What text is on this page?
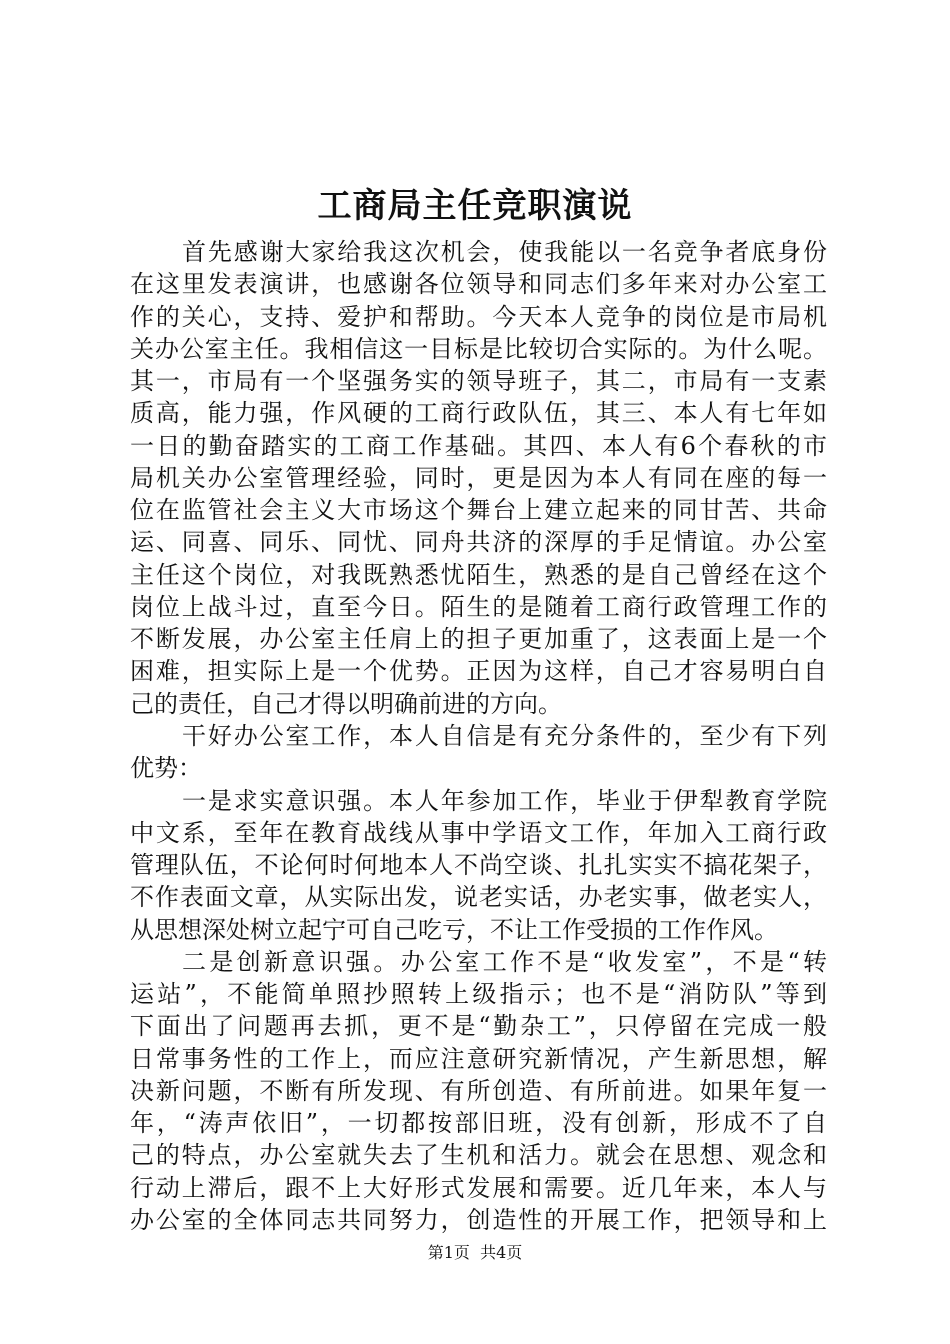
工商局主任竞职演说
首先感谢大家给我这次机会，使我能以一名竞争者底身份
在这里发表演讲，也感谢各位领导和同志们多年来对办公室工
作的关心，支持、爱护和帮助。今天本人竞争的岗位是市局机
关办公室主任。我相信这一目标是比较切合实际的。为什么呢。
其一，市局有一个坚强务实的领导班子，其二，市局有一支素
质高，能力强，作风硬的工商行政队伍，其三、本人有七年如
一日的勤奋踏实的工商工作基础。其四、本人有6个春秋的市
局机关办公室管理经验，同时，更是因为本人有同在座的每一
位在监管社会主义大市场这个舞台上建立起来的同甘苦、共命
运、同喜、同乐、同忧、同舟共济的深厚的手足情谊。办公室
主任这个岗位，对我既熟悉忧陌生，熟悉的是自己曾经在这个
岗位上战斗过，直至今日。陌生的是随着工商行政管理工作的
不断发展，办公室主任肩上的担子更加重了，这表面上是一个
困难，担实际上是一个优势。正因为这样，自己才容易明白自
己的责任，自己才得以明确前进的方向。
干好办公室工作，本人自信是有充分条件的，至少有下列
优势：
一是求实意识强。本人年参加工作，毕业于伊犁教育学院
中文系，至年在教育战线从事中学语文工作，年加入工商行政
管理队伍，不论何时何地本人不尚空谈、扎扎实实不搞花架子，
不作表面文章，从实际出发，说老实话，办老实事，做老实人，
从思想深处树立起宁可自己吃亏，不让工作受损的工作作风。
二是创新意识强。办公室工作不是“收发室”，不是“转
运站”，不能简单照抄照转上级指示；也不是“消防队”等到
下面出了问题再去抓，更不是“勤杂工”，只停留在完成一般
日常事务性的工作上，而应注意研究新情况，产生新思想，解
决新问题，不断有所发现、有所创造、有所前进。如果年复一
年，“涛声依旧”，一切都按部旧班，没有创新，形成不了自
己的特点，办公室就失去了生机和活力。就会在思想、观念和
行动上滞后，跟不上大好形式发展和需要。近几年来，本人与
办公室的全体同志共同努力，创造性的开展工作，把领导和上
第1页 共4页
